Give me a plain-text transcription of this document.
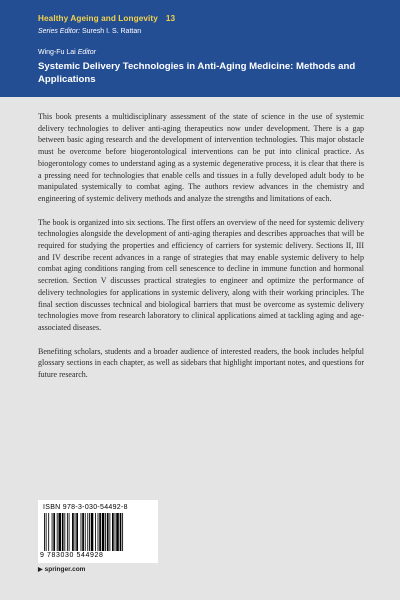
Healthy Ageing and Longevity 13
Series Editor: Suresh I. S. Rattan
Wing-Fu Lai Editor
Systemic Delivery Technologies in Anti-Aging Medicine: Methods and Applications

This book presents a multidisciplinary assessment of the state of science in the use of systemic delivery technologies to deliver anti-aging therapeutics now under development. There is a gap between basic aging research and the development of intervention technologies. This major obstacle must be overcome before biogerontological interventions can be put into clinical practice. As biogerontology comes to understand aging as a systemic degenerative process, it is clear that there is a pressing need for technologies that enable cells and tissues in a fully developed adult body to be manipulated systemically to combat aging. The authors review advances in the chemistry and engineering of systemic delivery methods and analyze the strengths and limitations of each.

The book is organized into six sections. The first offers an overview of the need for systemic delivery technologies alongside the development of anti-aging therapies and describes approaches that will be required for studying the properties and efficiency of carriers for systemic delivery. Sections II, III and IV describe recent advances in a range of strategies that may enable systemic delivery to help combat aging conditions ranging from cell senescence to decline in immune function and hormonal secretion. Section V discusses practical strategies to engineer and optimize the performance of delivery technologies for applications in systemic delivery, along with their working principles. The final section discusses technical and biological barriers that must be overcome as systemic delivery technologies move from research laboratory to clinical applications aimed at tackling aging and age-associated diseases.

Benefiting scholars, students and a broader audience of interested readers, the book includes helpful glossary sections in each chapter, as well as sidebars that highlight important notes, and questions for future research.

ISBN 978-3-030-54492-8
9 783030 544928
▶ springer.com
